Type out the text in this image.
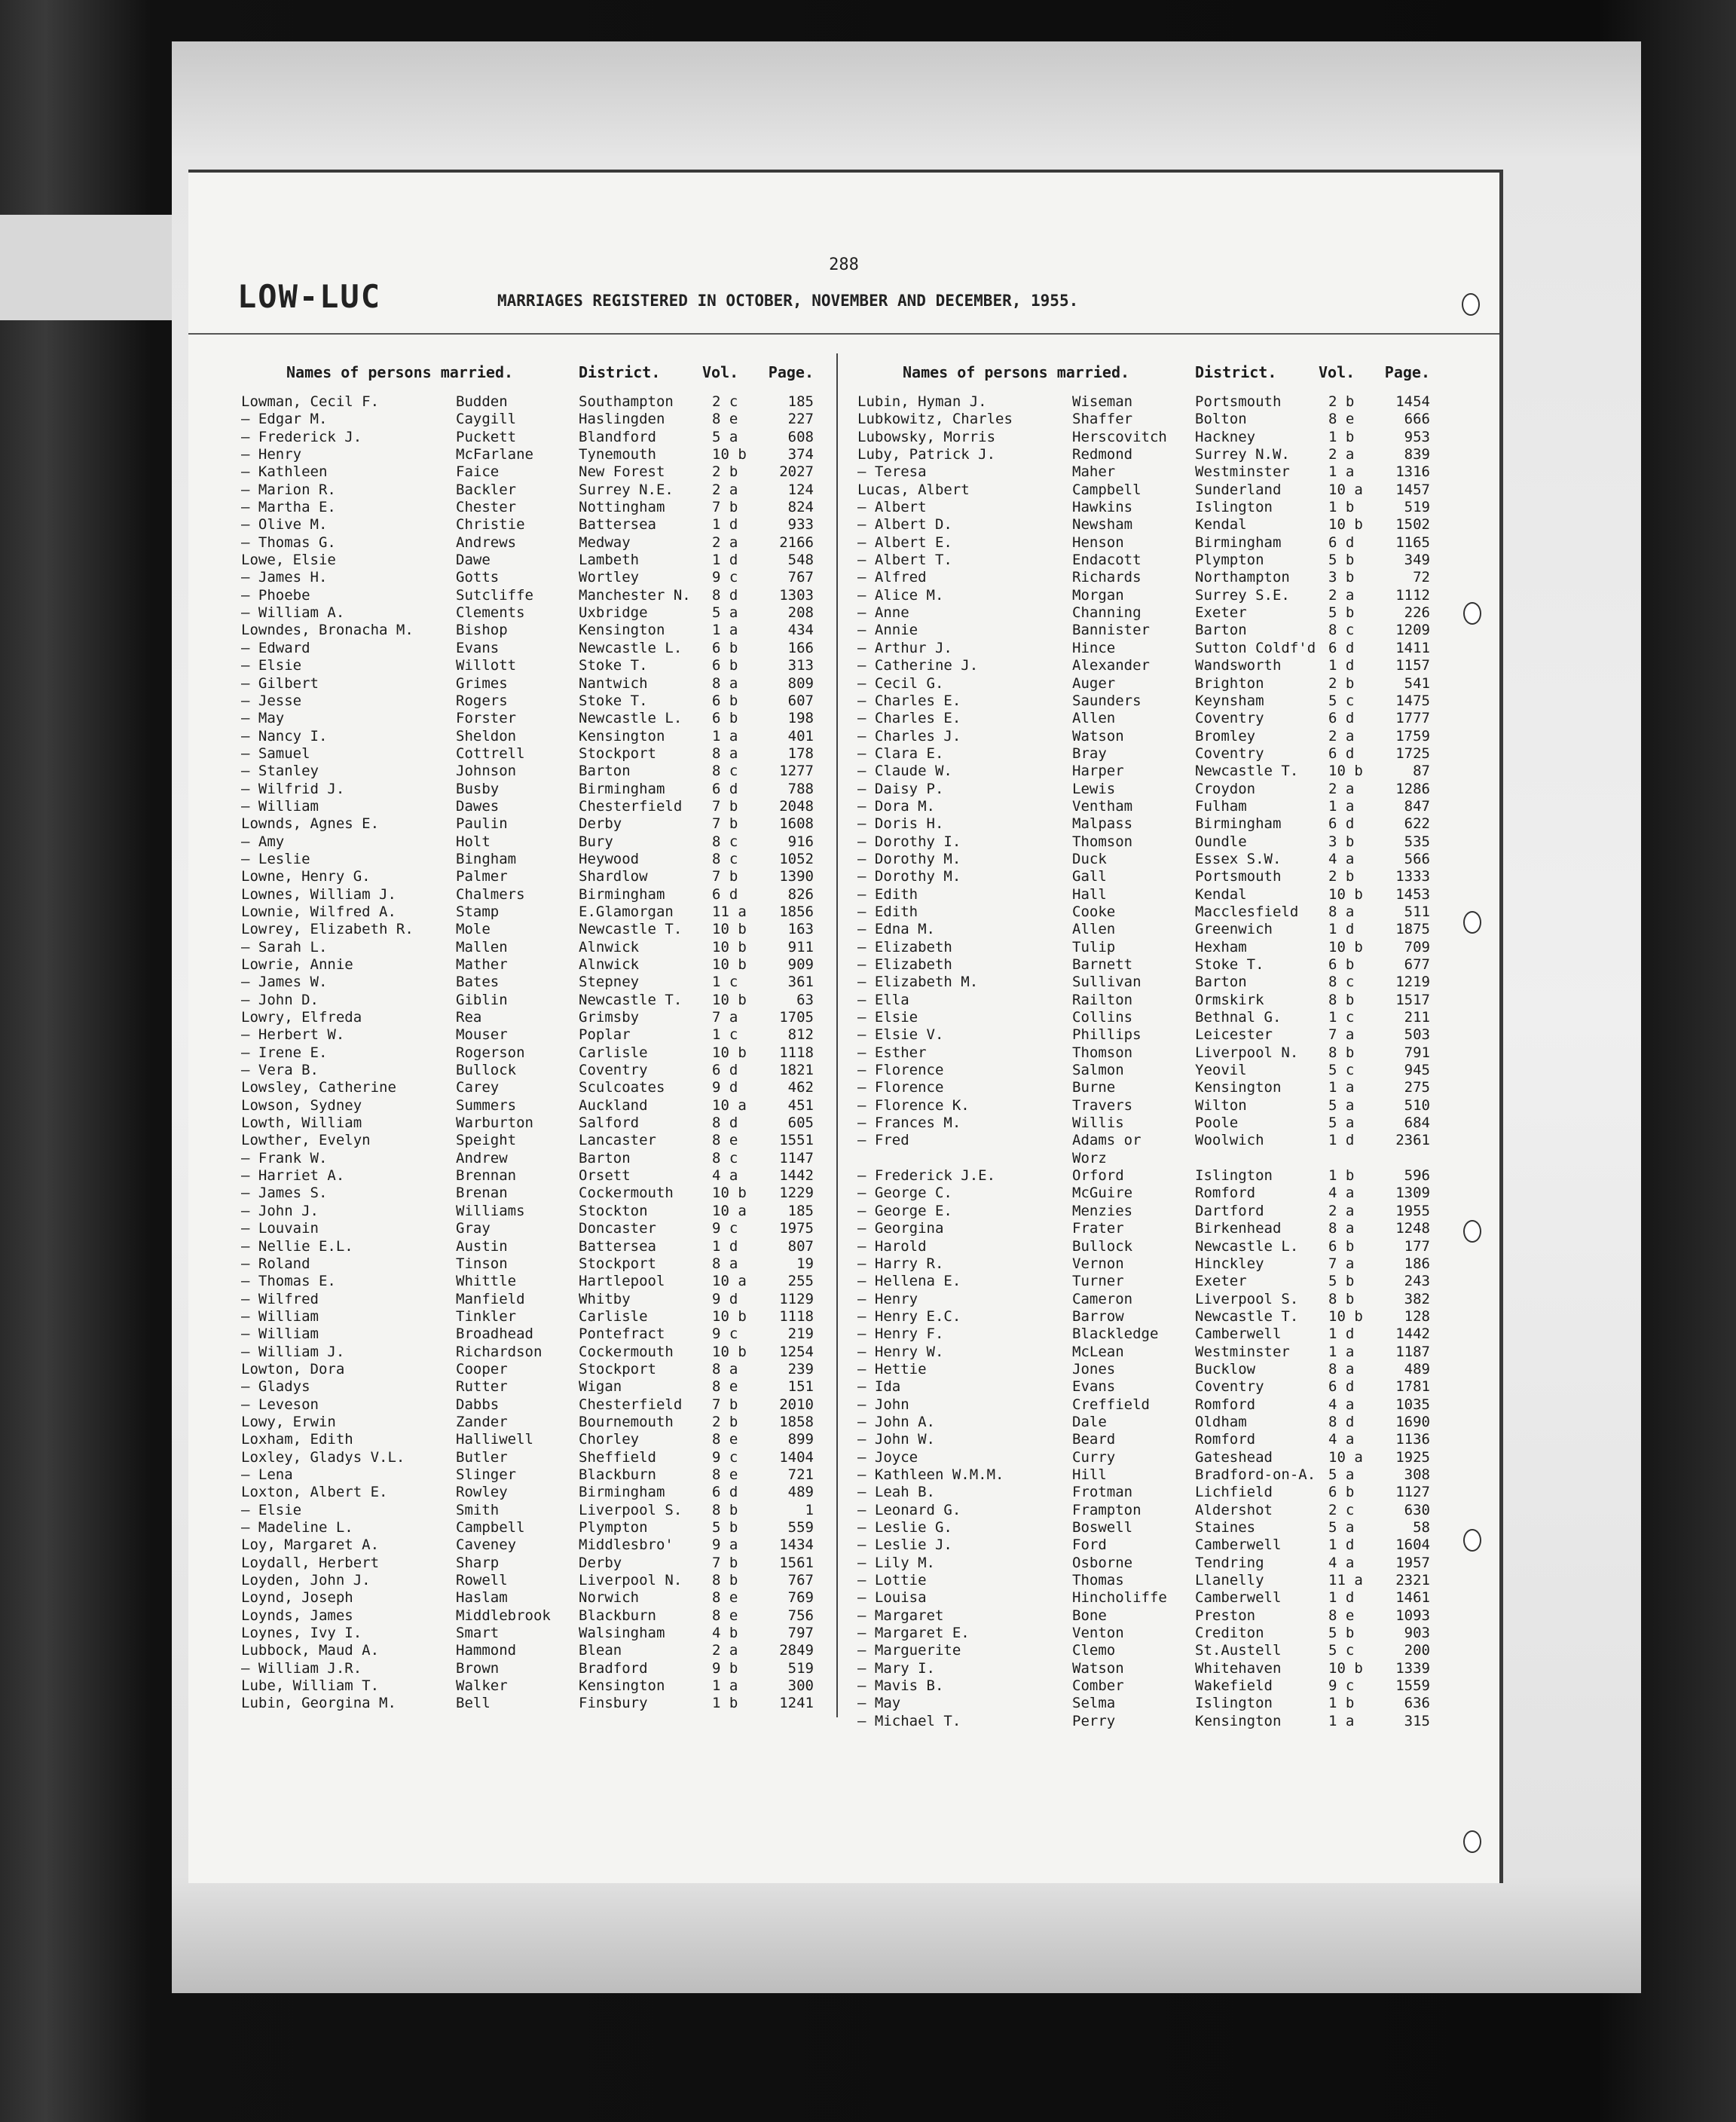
288
LOW-LUC	MARRIAGES REGISTERED IN OCTOBER, NOVEMBER AND DECEMBER, 1955.
Names of persons married.	District.	Vol.	Page.
Lowman, Cecil F.	Budden	Southampton	2 c	185
— Edgar M.	Caygill	Haslingden	8 e	227
— Frederick J.	Puckett	Blandford	5 a	608
— Henry	McFarlane	Tynemouth	10 b	374
— Kathleen	Faice	New Forest	2 b	2027
— Marion R.	Backler	Surrey N.E.	2 a	124
— Martha E.	Chester	Nottingham	7 b	824
— Olive M.	Christie	Battersea	1 d	933
— Thomas G.	Andrews	Medway	2 a	2166
Lowe, Elsie	Dawe	Lambeth	1 d	548
— James H.	Gotts	Wortley	9 c	767
— Phoebe	Sutcliffe	Manchester N.	8 d	1303
— William A.	Clements	Uxbridge	5 a	208
Lowndes, Bronacha M.	Bishop	Kensington	1 a	434
— Edward	Evans	Newcastle L.	6 b	166
— Elsie	Willott	Stoke T.	6 b	313
— Gilbert	Grimes	Nantwich	8 a	809
— Jesse	Rogers	Stoke T.	6 b	607
— May	Forster	Newcastle L.	6 b	198
— Nancy I.	Sheldon	Kensington	1 a	401
— Samuel	Cottrell	Stockport	8 a	178
— Stanley	Johnson	Barton	8 c	1277
— Wilfrid J.	Busby	Birmingham	6 d	788
— William	Dawes	Chesterfield	7 b	2048
Lownds, Agnes E.	Paulin	Derby	7 b	1608
— Amy	Holt	Bury	8 c	916
— Leslie	Bingham	Heywood	8 c	1052
Lowne, Henry G.	Palmer	Shardlow	7 b	1390
Lownes, William J.	Chalmers	Birmingham	6 d	826
Lownie, Wilfred A.	Stamp	E.Glamorgan	11 a	1856
Lowrey, Elizabeth R.	Mole	Newcastle T.	10 b	163
— Sarah L.	Mallen	Alnwick	10 b	911
Lowrie, Annie	Mather	Alnwick	10 b	909
— James W.	Bates	Stepney	1 c	361
— John D.	Giblin	Newcastle T.	10 b	63
Lowry, Elfreda	Rea	Grimsby	7 a	1705
— Herbert W.	Mouser	Poplar	1 c	812
— Irene E.	Rogerson	Carlisle	10 b	1118
— Vera B.	Bullock	Coventry	6 d	1821
Lowsley, Catherine	Carey	Sculcoates	9 d	462
Lowson, Sydney	Summers	Auckland	10 a	451
Lowth, William	Warburton	Salford	8 d	605
Lowther, Evelyn	Speight	Lancaster	8 e	1551
— Frank W.	Andrew	Barton	8 c	1147
— Harriet A.	Brennan	Orsett	4 a	1442
— James S.	Brenan	Cockermouth	10 b	1229
— John J.	Williams	Stockton	10 a	185
— Louvain	Gray	Doncaster	9 c	1975
— Nellie E.L.	Austin	Battersea	1 d	807
— Roland	Tinson	Stockport	8 a	19
— Thomas E.	Whittle	Hartlepool	10 a	255
— Wilfred	Manfield	Whitby	9 d	1129
— William	Tinkler	Carlisle	10 b	1118
— William	Broadhead	Pontefract	9 c	219
— William J.	Richardson	Cockermouth	10 b	1254
Lowton, Dora	Cooper	Stockport	8 a	239
— Gladys	Rutter	Wigan	8 e	151
— Leveson	Dabbs	Chesterfield	7 b	2010
Lowy, Erwin	Zander	Bournemouth	2 b	1858
Loxham, Edith	Halliwell	Chorley	8 e	899
Loxley, Gladys V.L.	Butler	Sheffield	9 c	1404
— Lena	Slinger	Blackburn	8 e	721
Loxton, Albert E.	Rowley	Birmingham	6 d	489
— Elsie	Smith	Liverpool S.	8 b	1
— Madeline L.	Campbell	Plympton	5 b	559
Loy, Margaret A.	Caveney	Middlesbro'	9 a	1434
Loydall, Herbert	Sharp	Derby	7 b	1561
Loyden, John J.	Rowell	Liverpool N.	8 b	767
Loynd, Joseph	Haslam	Norwich	8 e	769
Loynds, James	Middlebrook	Blackburn	8 e	756
Loynes, Ivy I.	Smart	Walsingham	4 b	797
Lubbock, Maud A.	Hammond	Blean	2 a	2849
— William J.R.	Brown	Bradford	9 b	519
Lube, William T.	Walker	Kensington	1 a	300
Lubin, Georgina M.	Bell	Finsbury	1 b	1241
Names of persons married.	District.	Vol.	Page.
Lubin, Hyman J.	Wiseman	Portsmouth	2 b	1454
Lubkowitz, Charles	Shaffer	Bolton	8 e	666
Lubowsky, Morris	Herscovitch	Hackney	1 b	953
Luby, Patrick J.	Redmond	Surrey N.W.	2 a	839
— Teresa	Maher	Westminster	1 a	1316
Lucas, Albert	Campbell	Sunderland	10 a	1457
— Albert	Hawkins	Islington	1 b	519
— Albert D.	Newsham	Kendal	10 b	1502
— Albert E.	Henson	Birmingham	6 d	1165
— Albert T.	Endacott	Plympton	5 b	349
— Alfred	Richards	Northampton	3 b	72
— Alice M.	Morgan	Surrey S.E.	2 a	1112
— Anne	Channing	Exeter	5 b	226
— Annie	Bannister	Barton	8 c	1209
— Arthur J.	Hince	Sutton Coldf'd 6 d	1411
— Catherine J.	Alexander	Wandsworth	1 d	1157
— Cecil G.	Auger	Brighton	2 b	541
— Charles E.	Saunders	Keynsham	5 c	1475
— Charles E.	Allen	Coventry	6 d	1777
— Charles J.	Watson	Bromley	2 a	1759
— Clara E.	Bray	Coventry	6 d	1725
— Claude W.	Harper	Newcastle T.	10 b	87
— Daisy P.	Lewis	Croydon	2 a	1286
— Dora M.	Ventham	Fulham	1 a	847
— Doris H.	Malpass	Birmingham	6 d	622
— Dorothy I.	Thomson	Oundle	3 b	535
— Dorothy M.	Duck	Essex S.W.	4 a	566
— Dorothy M.	Gall	Portsmouth	2 b	1333
— Edith	Hall	Kendal	10 b	1453
— Edith	Cooke	Macclesfield	8 a	511
— Edna M.	Allen	Greenwich	1 d	1875
— Elizabeth	Tulip	Hexham	10 b	709
— Elizabeth	Barnett	Stoke T.	6 b	677
— Elizabeth M.	Sullivan	Barton	8 c	1219
— Ella	Railton	Ormskirk	8 b	1517
— Elsie	Collins	Bethnal G.	1 c	211
— Elsie V.	Phillips	Leicester	7 a	503
— Esther	Thomson	Liverpool N.	8 b	791
— Florence	Salmon	Yeovil	5 c	945
— Florence	Burne	Kensington	1 a	275
— Florence K.	Travers	Wilton	5 a	510
— Frances M.	Willis	Poole	5 a	684
— Fred	Adams or	Woolwich	1 d	2361
Worz
— Frederick J.E.	Orford	Islington	1 b	596
— George C.	McGuire	Romford	4 a	1309
— George E.	Menzies	Dartford	2 a	1955
— Georgina	Frater	Birkenhead	8 a	1248
— Harold	Bullock	Newcastle L.	6 b	177
— Harry R.	Vernon	Hinckley	7 a	186
— Hellena E.	Turner	Exeter	5 b	243
— Henry	Cameron	Liverpool S.	8 b	382
— Henry E.C.	Barrow	Newcastle T.	10 b	128
— Henry F.	Blackledge	Camberwell	1 d	1442
— Henry W.	McLean	Westminster	1 a	1187
— Hettie	Jones	Bucklow	8 a	489
— Ida	Evans	Coventry	6 d	1781
— John	Creffield	Romford	4 a	1035
— John A.	Dale	Oldham	8 d	1690
— John W.	Beard	Romford	4 a	1136
— Joyce	Curry	Gateshead	10 a	1925
— Kathleen W.M.M.	Hill	Bradford-on-A. 5 a	308
— Leah B.	Frotman	Lichfield	6 b	1127
— Leonard G.	Frampton	Aldershot	2 c	630
— Leslie G.	Boswell	Staines	5 a	58
— Leslie J.	Ford	Camberwell	1 d	1604
— Lily M.	Osborne	Tendring	4 a	1957
— Lottie	Thomas	Llanelly	11 a	2321
— Louisa	Hincholiffe	Camberwell	1 d	1461
— Margaret	Bone	Preston	8 e	1093
— Margaret E.	Venton	Crediton	5 b	903
— Marguerite	Clemo	St.Austell	5 c	200
— Mary I.	Watson	Whitehaven	10 b	1339
— Mavis B.	Comber	Wakefield	9 c	1559
— May	Selma	Islington	1 b	636
— Michael T.	Perry	Kensington	1 a	315
